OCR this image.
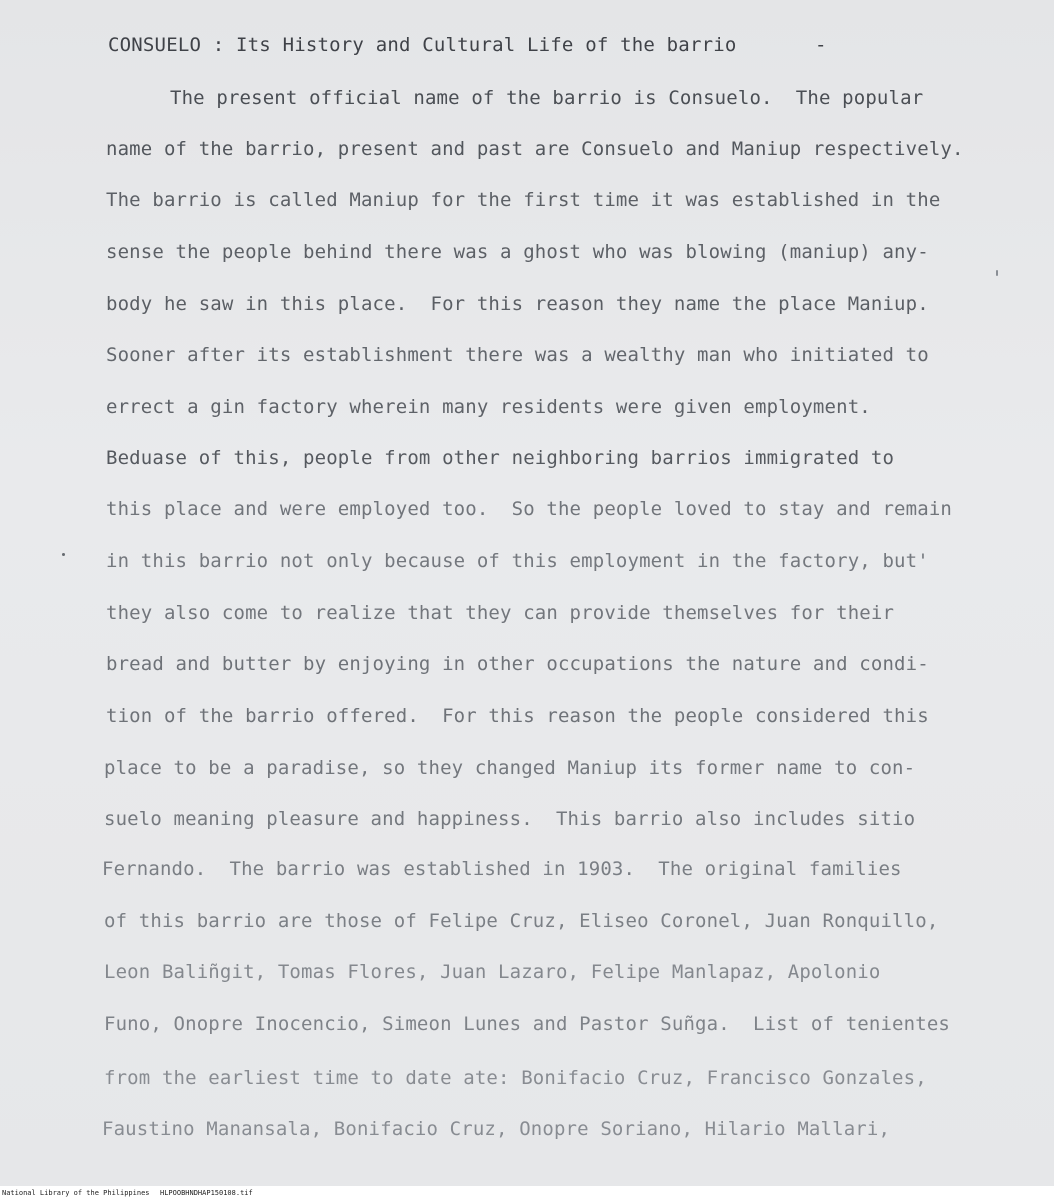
CONSUELO : Its History and Cultural Life of the barrio	-
The present official name of the barrio is Consuelo.  The popular
name of the barrio, present and past are Consuelo and Maniup respectively.
The barrio is called Maniup for the first time it was established in the
sense the people behind there was a ghost who was blowing (maniup) any-
body he saw in this place.  For this reason they name the place Maniup.
Sooner after its establishment there was a wealthy man who initiated to
errect a gin factory wherein many residents were given employment.
Beduase of this, people from other neighboring barrios immigrated to
this place and were employed too.  So the people loved to stay and remain
in this barrio not only because of this employment in the factory, but'
they also come to realize that they can provide themselves for their
bread and butter by enjoying in other occupations the nature and condi-
tion of the barrio offered.  For this reason the people considered this
place to be a paradise, so they changed Maniup its former name to con-
suelo meaning pleasure and happiness.  This barrio also includes sitio
Fernando.  The barrio was established in 1903.  The original families
of this barrio are those of Felipe Cruz, Eliseo Coronel, Juan Ronquillo,
Leon Baliñgit, Tomas Flores, Juan Lazaro, Felipe Manlapaz, Apolonio
Funo, Onopre Inocencio, Simeon Lunes and Pastor Suñga.  List of tenientes
from the earliest time to date ate: Bonifacio Cruz, Francisco Gonzales,
Faustino Manansala, Bonifacio Cruz, Onopre Soriano, Hilario Mallari,
National Library of the Philippines HLPOOBHNDHAP150108.tif
